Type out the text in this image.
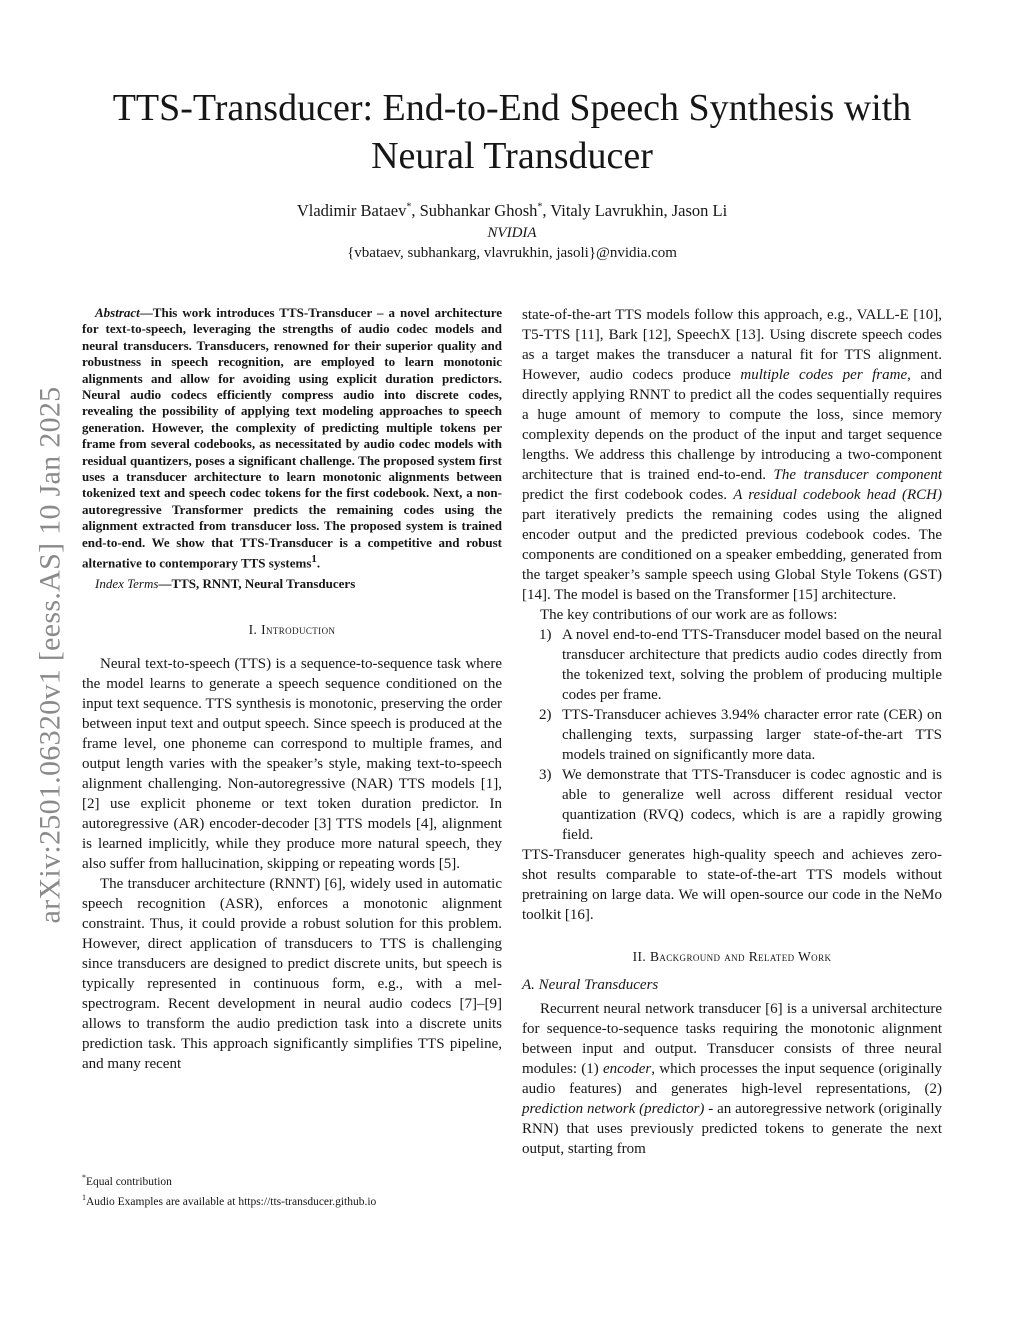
arXiv:2501.06320v1 [eess.AS] 10 Jan 2025
TTS-Transducer: End-to-End Speech Synthesis with
Neural Transducer
Vladimir Bataev*, Subhankar Ghosh*, Vitaly Lavrukhin, Jason Li
NVIDIA
{vbataev, subhankarg, vlavrukhin, jasoli}@nvidia.com

Abstract—This work introduces TTS-Transducer – a novel architecture for text-to-speech, leveraging the strengths of audio codec models and neural transducers. Transducers, renowned for their superior quality and robustness in speech recognition, are employed to learn monotonic alignments and allow for avoiding using explicit duration predictors. Neural audio codecs efficiently compress audio into discrete codes, revealing the possibility of applying text modeling approaches to speech generation. However, the complexity of predicting multiple tokens per frame from several codebooks, as necessitated by audio codec models with residual quantizers, poses a significant challenge. The proposed system first uses a transducer architecture to learn monotonic alignments between tokenized text and speech codec tokens for the first codebook. Next, a non-autoregressive Transformer predicts the remaining codes using the alignment extracted from transducer loss. The proposed system is trained end-to-end. We show that TTS-Transducer is a competitive and robust alternative to contemporary TTS systems$^1$.

Index Terms—TTS, RNNT, Neural Transducers

I. Introduction

Neural text-to-speech (TTS) is a sequence-to-sequence task where the model learns to generate a speech sequence conditioned on the input text sequence. TTS synthesis is monotonic, preserving the order between input text and output speech. Since speech is produced at the frame level, one phoneme can correspond to multiple frames, and output length varies with the speaker’s style, making text-to-speech alignment challenging. Non-autoregressive (NAR) TTS models [1], [2] use explicit phoneme or text token duration predictor. In autoregressive (AR) encoder-decoder [3] TTS models [4], alignment is learned implicitly, while they produce more natural speech, they also suffer from hallucination, skipping or repeating words [5].

The transducer architecture (RNNT) [6], widely used in automatic speech recognition (ASR), enforces a monotonic alignment constraint. Thus, it could provide a robust solution for this problem. However, direct application of transducers to TTS is challenging since transducers are designed to predict discrete units, but speech is typically represented in continuous form, e.g., with a mel-spectrogram. Recent development in neural audio codecs [7]–[9] allows to transform the audio prediction task into a discrete units prediction task. This approach significantly simplifies TTS pipeline, and many recent

*Equal contribution
$^1$Audio Examples are available at https://tts-transducer.github.io

state-of-the-art TTS models follow this approach, e.g., VALL-E [10], T5-TTS [11], Bark [12], SpeechX [13]. Using discrete speech codes as a target makes the transducer a natural fit for TTS alignment. However, audio codecs produce multiple codes per frame, and directly applying RNNT to predict all the codes sequentially requires a huge amount of memory to compute the loss, since memory complexity depends on the product of the input and target sequence lengths. We address this challenge by introducing a two-component architecture that is trained end-to-end. The transducer component predict the first codebook codes. A residual codebook head (RCH) part iteratively predicts the remaining codes using the aligned encoder output and the predicted previous codebook codes. The components are conditioned on a speaker embedding, generated from the target speaker’s sample speech using Global Style Tokens (GST) [14]. The model is based on the Transformer [15] architecture.

The key contributions of our work are as follows:

1) A novel end-to-end TTS-Transducer model based on the neural transducer architecture that predicts audio codes directly from the tokenized text, solving the problem of producing multiple codes per frame.
2) TTS-Transducer achieves 3.94% character error rate (CER) on challenging texts, surpassing larger state-of-the-art TTS models trained on significantly more data.
3) We demonstrate that TTS-Transducer is codec agnostic and is able to generalize well across different residual vector quantization (RVQ) codecs, which is are a rapidly growing field.

TTS-Transducer generates high-quality speech and achieves zero-shot results comparable to state-of-the-art TTS models without pretraining on large data. We will open-source our code in the NeMo toolkit [16].

II. Background and Related Work
A. Neural Transducers

Recurrent neural network transducer [6] is a universal architecture for sequence-to-sequence tasks requiring the monotonic alignment between input and output. Transducer consists of three neural modules: (1) encoder, which processes the input sequence (originally audio features) and generates high-level representations, (2) prediction network (predictor) - an autoregressive network (originally RNN) that uses previously predicted tokens to generate the next output, starting from
